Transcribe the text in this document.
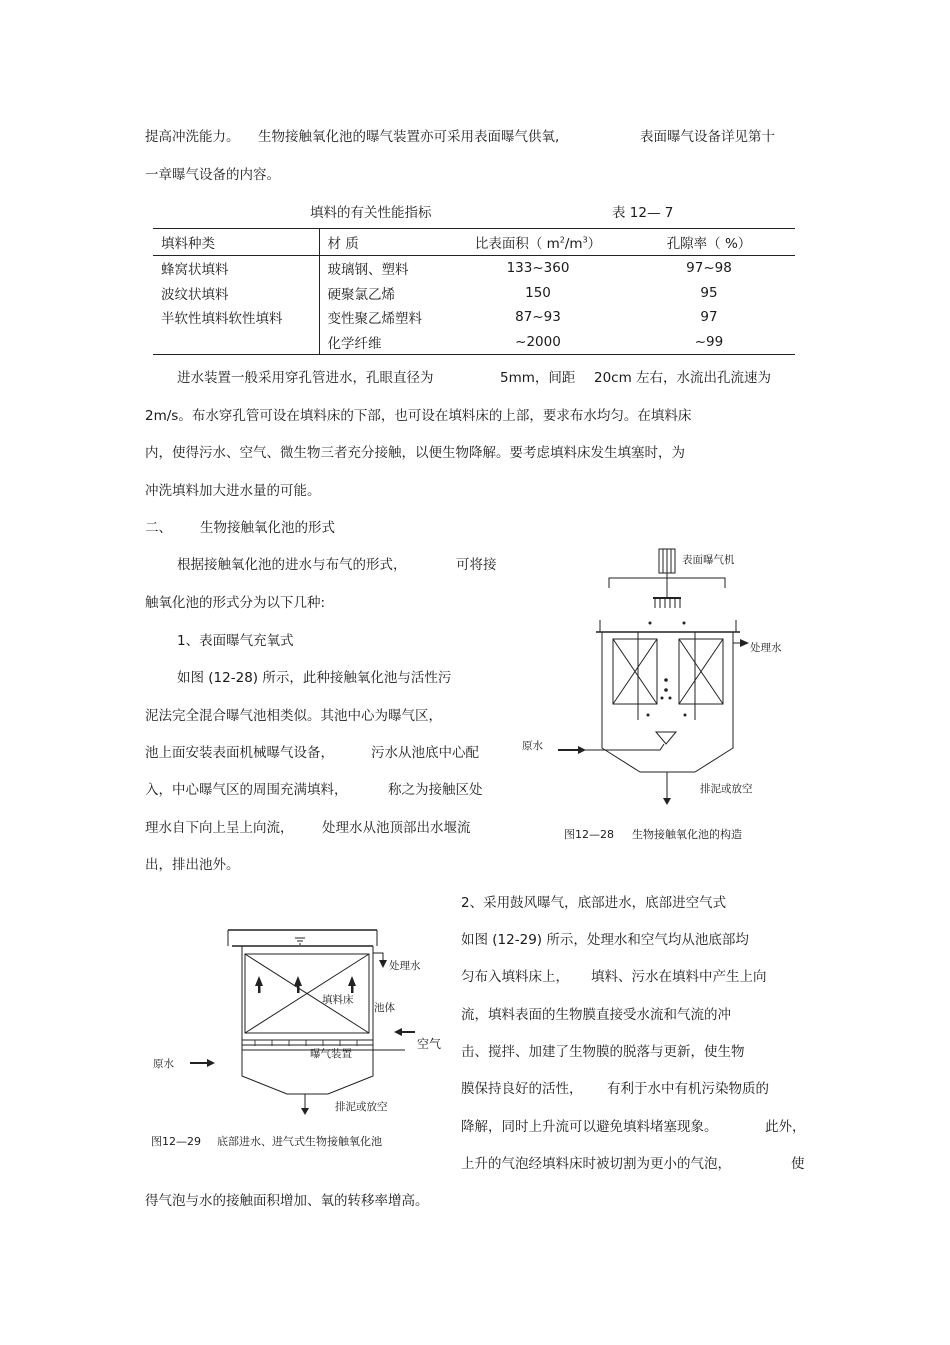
提高冲洗能力。 生物接触氧化池的曝气装置亦可采用表面曝气供氧,	表面曝气设备详见第十
一章曝气设备的内容。
填料的有关性能指标	表 12— 7
填料种类	材 质	比表面积（ $m^2/m^3$）	孔隙率（ %）
蜂窝状填料	玻璃钢、塑料	133~360	97~98
波纹状填料	硬聚氯乙烯	150	95
半软性填料软性填料	变性聚乙烯塑料	87~93	97
	化学纤维	~2000	~99
进水装置一般采用穿孔管进水，孔眼直径为	5mm，间距 20cm 左右，水流出孔流速为
2m/s。布水穿孔管可设在填料床的下部，也可设在填料床的上部，要求布水均匀。在填料床
内，使得污水、空气、微生物三者充分接触，以便生物降解。要考虑填料床发生填塞时，为
冲洗填料加大进水量的可能。
二、 生物接触氧化池的形式
根据接触氧化池的进水与布气的形式，	可将接
触氧化池的形式分为以下几种:
1、表面曝气充氧式
如图 (12-28) 所示，此种接触氧化池与活性污
泥法完全混合曝气池相类似。其池中心为曝气区，
池上面安装表面机械曝气设备，	污水从池底中心配
入，中心曝气区的周围充满填料，	称之为接触区处
理水自下向上呈上向流， 处理水从池顶部出水堰流
出，排出池外。
表面曝气机
处理水
原水
排泥或放空
图12—28 生物接触氧化池的构造
处理水
填料床
池体
空气
曝气装置
原水
排泥或放空
图12—29 底部进水、进气式生物接触氧化池
2、采用鼓风曝气，底部进水，底部进空气式
如图 (12-29) 所示，处理水和空气均从池底部均
匀布入填料床上， 填料、污水在填料中产生上向
流，填料表面的生物膜直接受水流和气流的冲
击、搅拌、加建了生物膜的脱落与更新，使生物
膜保持良好的活性， 有利于水中有机污染物质的
降解，同时上升流可以避免填料堵塞现象。	此外，
上升的气泡经填料床时被切割为更小的气泡，	使
得气泡与水的接触面积增加、氧的转移率增高。
